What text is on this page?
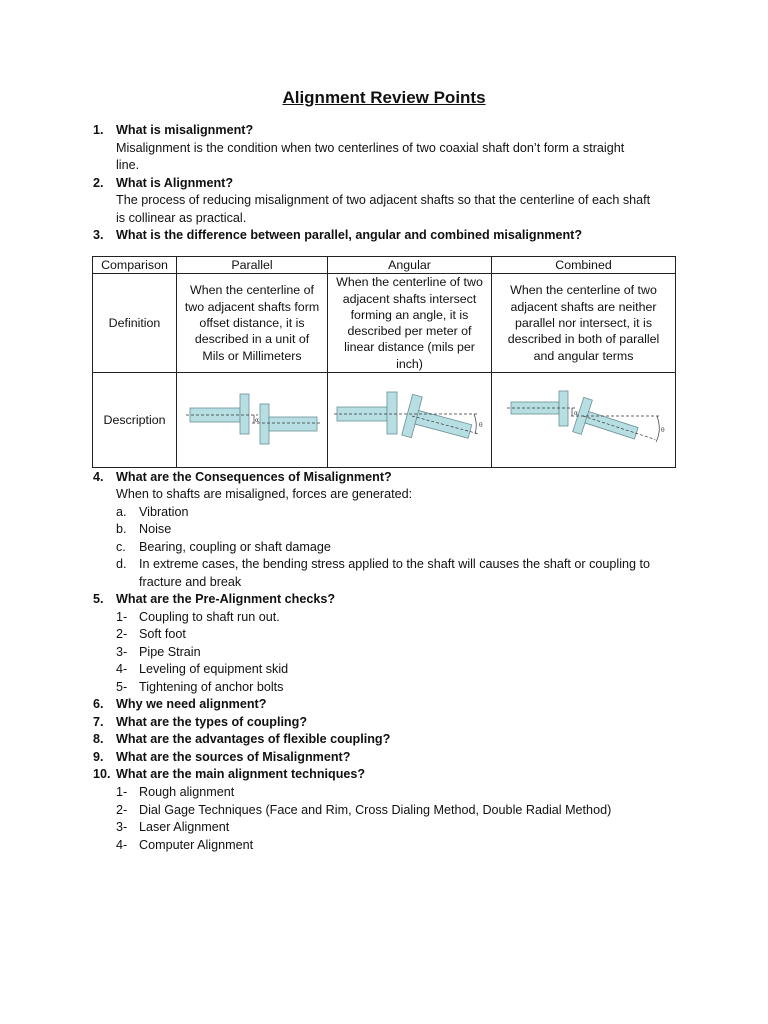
Alignment Review Points
1. What is misalignment?
Misalignment is the condition when two centerlines of two coaxial shaft don’t form a straight
line.
2. What is Alignment?
The process of reducing misalignment of two adjacent shafts so that the centerline of each shaft
is collinear as practical.
3. What is the difference between parallel, angular and combined misalignment?
Comparison	Parallel	Angular	Combined
Definition	When the centerline of two adjacent shafts form offset distance, it is described in a unit of Mils or Millimeters	When the centerline of two adjacent shafts intersect forming an angle, it is described per meter of linear distance (mils per inch)	When the centerline of two adjacent shafts are neither parallel nor intersect, it is described in both of parallel and angular terms
Description	α	θ	α
θ
4. What are the Consequences of Misalignment?
When to shafts are misaligned, forces are generated:
a. Vibration
b. Noise
c. Bearing, coupling or shaft damage
d. In extreme cases, the bending stress applied to the shaft will causes the shaft or coupling to
fracture and break
5. What are the Pre-Alignment checks?
1- Coupling to shaft run out.
2- Soft foot
3- Pipe Strain
4- Leveling of equipment skid
5- Tightening of anchor bolts
6. Why we need alignment?
7. What are the types of coupling?
8. What are the advantages of flexible coupling?
9. What are the sources of Misalignment?
10. What are the main alignment techniques?
1- Rough alignment
2- Dial Gage Techniques (Face and Rim, Cross Dialing Method, Double Radial Method)
3- Laser Alignment
4- Computer Alignment
